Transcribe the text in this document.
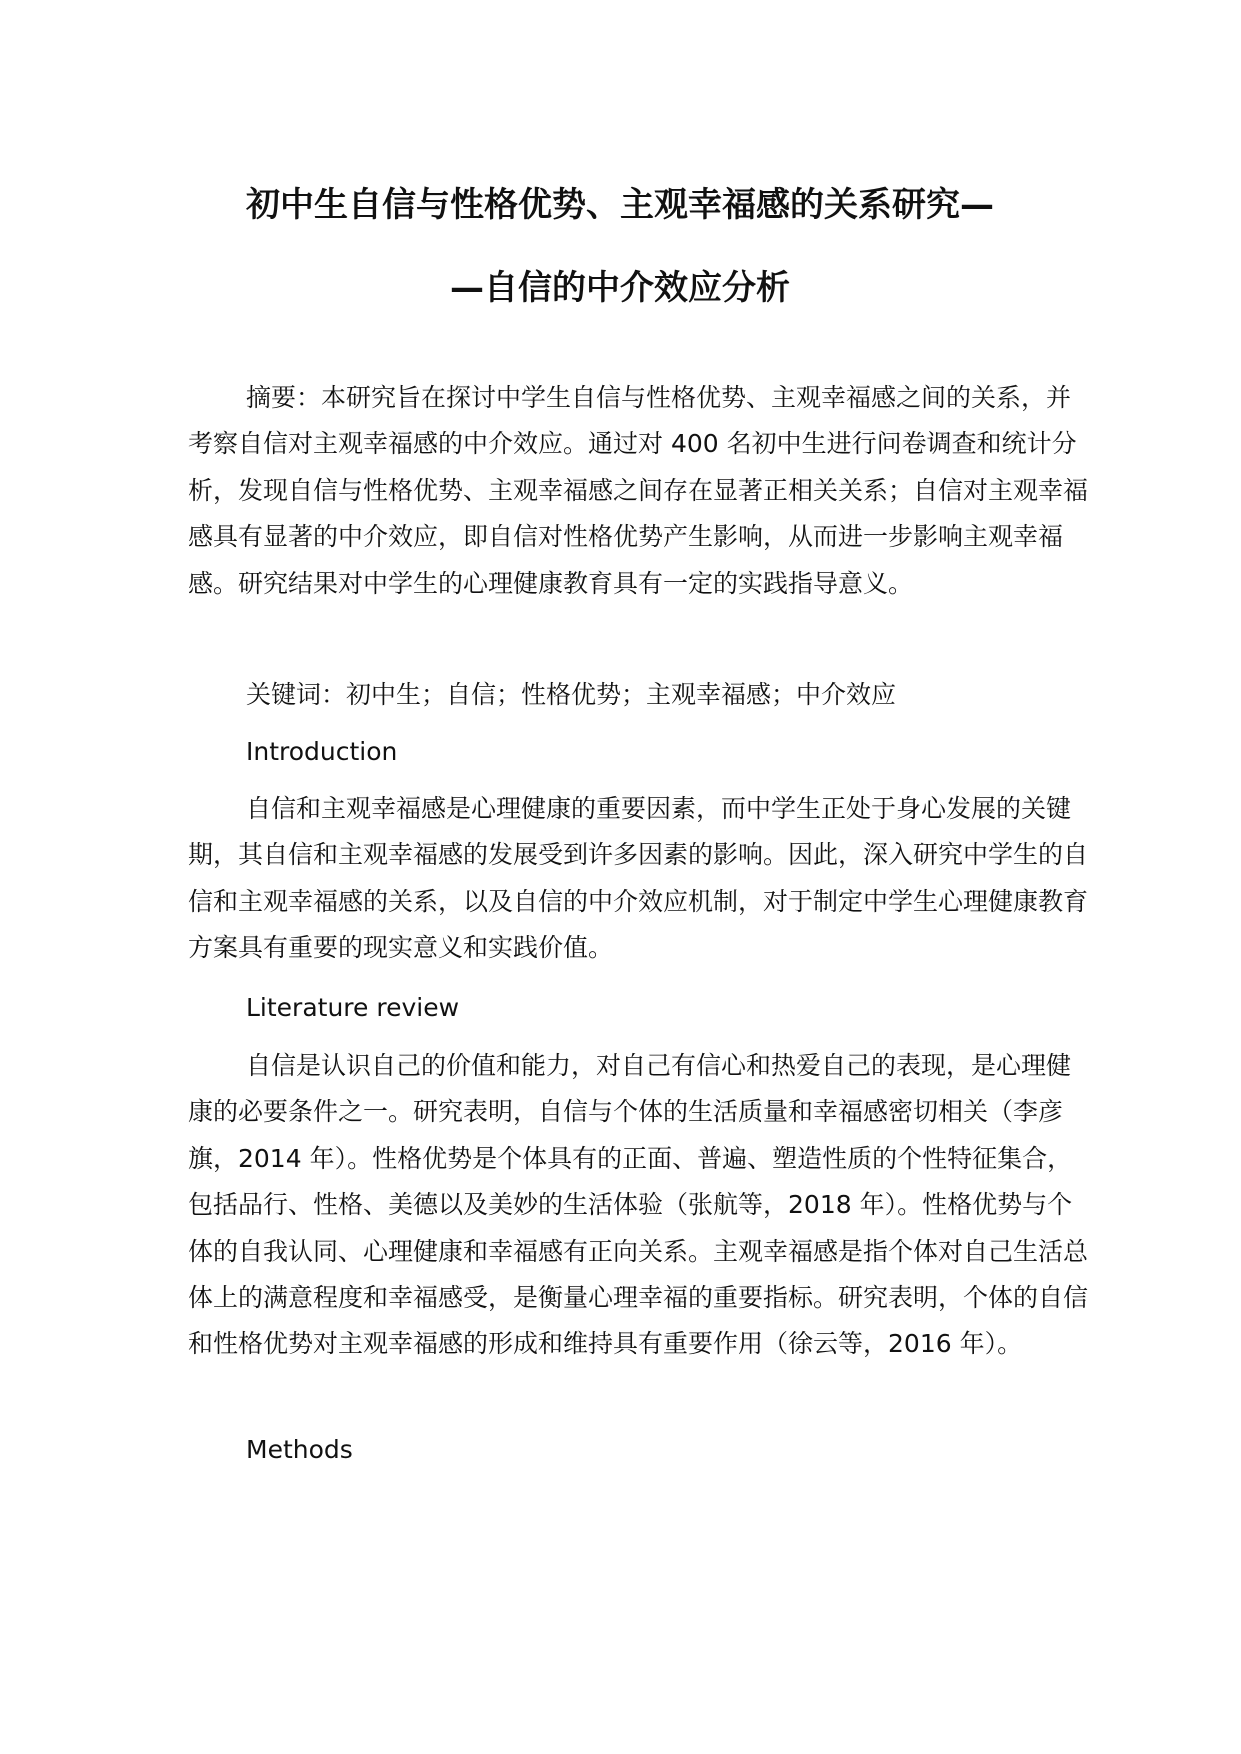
初中生自信与性格优势、主观幸福感的关系研究—
—自信的中介效应分析

摘要：本研究旨在探讨中学生自信与性格优势、主观幸福感之间的关系，并考察自信对主观幸福感的中介效应。通过对 400 名初中生进行问卷调查和统计分析，发现自信与性格优势、主观幸福感之间存在显著正相关关系；自信对主观幸福感具有显著的中介效应，即自信对性格优势产生影响，从而进一步影响主观幸福感。研究结果对中学生的心理健康教育具有一定的实践指导意义。

关键词：初中生；自信；性格优势；主观幸福感；中介效应

Introduction

自信和主观幸福感是心理健康的重要因素，而中学生正处于身心发展的关键期，其自信和主观幸福感的发展受到许多因素的影响。因此，深入研究中学生的自信和主观幸福感的关系，以及自信的中介效应机制，对于制定中学生心理健康教育方案具有重要的现实意义和实践价值。

Literature review

自信是认识自己的价值和能力，对自己有信心和热爱自己的表现，是心理健康的必要条件之一。研究表明，自信与个体的生活质量和幸福感密切相关（李彦旗，2014 年）。性格优势是个体具有的正面、普遍、塑造性质的个性特征集合，包括品行、性格、美德以及美妙的生活体验（张航等，2018 年）。性格优势与个体的自我认同、心理健康和幸福感有正向关系。主观幸福感是指个体对自己生活总体上的满意程度和幸福感受，是衡量心理幸福的重要指标。研究表明，个体的自信和性格优势对主观幸福感的形成和维持具有重要作用（徐云等，2016 年）。

Methods
